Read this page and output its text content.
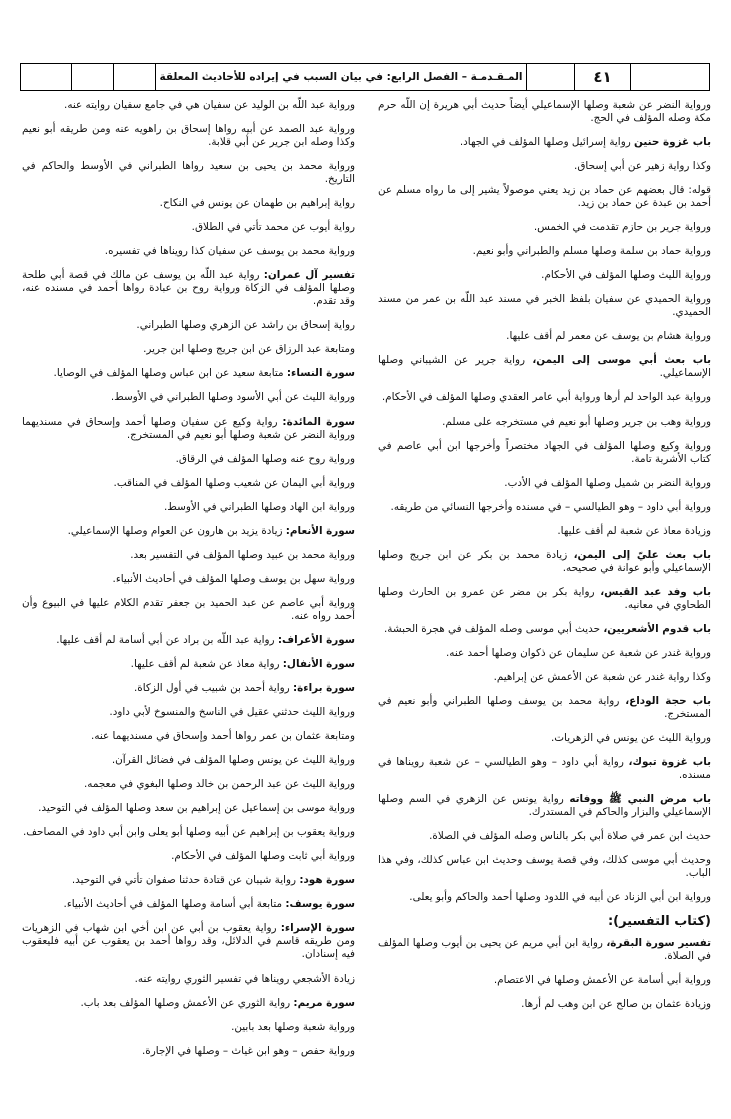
المـقـدمـة – الفصل الرابع: في بيان السبب في إيراده للأحاديث المعلقة	٤١

ورواية النضر عن شعبة وصلها الإسماعيلي أيضاً حديث أبي هريرة إن اللّه حرم مكة وصله المؤلف في الحج.

باب غزوة حنين رواية إسرائيل وصلها المؤلف في الجهاد.

وكذا رواية زهير عن أبي إسحاق.

قوله: قال بعضهم عن حماد بن زيد يعني موصولاً يشير إلى ما رواه مسلم عن أحمد بن عبدة عن حماد بن زيد.

ورواية جرير بن حازم تقدمت في الخمس.

ورواية حماد بن سلمة وصلها مسلم والطبراني وأبو نعيم.

ورواية الليث وصلها المؤلف في الأحكام.

ورواية الحميدي عن سفيان بلفظ الخبر في مسند عبد اللّه بن عمر من مسند الحميدي.

ورواية هشام بن يوسف عن معمر لم أقف عليها.

باب بعث أبي موسى إلى اليمن، رواية جرير عن الشيباني وصلها الإسماعيلي.

ورواية عبد الواحد لم أرها ورواية أبي عامر العقدي وصلها المؤلف في الأحكام.

ورواية وهب بن جرير وصلها أبو نعيم في مستخرجه على مسلم.

ورواية وكيع وصلها المؤلف في الجهاد مختصراً وأخرجها ابن أبي عاصم في كتاب الأشربة تامة.

ورواية النضر بن شميل وصلها المؤلف في الأدب.

ورواية أبي داود – وهو الطيالسي – في مسنده وأخرجها النسائي من طريقه.

وزيادة معاذ عن شعبة لم أقف عليها.

باب بعث عليّ إلى اليمن، زيادة محمد بن بكر عن ابن جريج وصلها الإسماعيلي وأبو عوانة في صحيحه.

باب وفد عبد القيس، رواية بكر بن مضر عن عمرو بن الحارث وصلها الطحاوي في معانيه.

باب قدوم الأشعريين، حديث أبي موسى وصله المؤلف في هجرة الحبشة.

ورواية غندر عن شعبة عن سليمان عن ذكوان وصلها أحمد عنه.

وكذا رواية غندر عن شعبة عن الأعمش عن إبراهيم.

باب حجة الوداع، رواية محمد بن يوسف وصلها الطبراني وأبو نعيم في المستخرج.

ورواية الليث عن يونس في الزهريات.

باب غزوة تبوك، رواية أبي داود – وهو الطيالسي – عن شعبة رويناها في مسنده.

باب مرض النبي ﷺ ووفاته رواية يونس عن الزهري في السم وصلها الإسماعيلي والبزار والحاكم في المستدرك.

حديث ابن عمر في صلاة أبي بكر بالناس وصله المؤلف في الصلاة.

وحديث أبي موسى كذلك، وفي قصة يوسف وحديث ابن عباس كذلك، وفي هذا الباب.

ورواية ابن أبي الزناد عن أبيه في اللدود وصلها أحمد والحاكم وأبو يعلى.

(كتاب التفسير):

تفسير سورة البقرة، رواية ابن أبي مريم عن يحيى بن أيوب وصلها المؤلف في الصلاة.

ورواية أبي أسامة عن الأعمش وصلها في الاعتصام.

وزيادة عثمان بن صالح عن ابن وهب لم أرها.

ورواية عبد اللّه بن الوليد عن سفيان هي في جامع سفيان روايته عنه.

ورواية عبد الصمد عن أبيه رواها إسحاق بن راهويه عنه ومن طريقه أبو نعيم وكذا وصله ابن جرير عن أبي قلابة.

ورواية محمد بن يحيى بن سعيد رواها الطبراني في الأوسط والحاكم في التاريخ.

رواية إبراهيم بن طهمان عن يونس في النكاح.

رواية أيوب عن محمد تأتي في الطلاق.

ورواية محمد بن يوسف عن سفيان كذا رويناها في تفسيره.

تفسير آل عمران: رواية عبد اللّه بن يوسف عن مالك في قصة أبي طلحة وصلها المؤلف في الزكاة ورواية روح بن عبادة رواها أحمد في مسنده عنه، وقد تقدم.

رواية إسحاق بن راشد عن الزهري وصلها الطبراني.

ومتابعة عبد الرزاق عن ابن جريج وصلها ابن جرير.

سورة النساء: متابعة سعيد عن ابن عباس وصلها المؤلف في الوصايا.

ورواية الليث عن أبي الأسود وصلها الطبراني في الأوسط.

سورة المائدة: رواية وكيع عن سفيان وصلها أحمد وإسحاق في مسنديهما ورواية النضر عن شعبة وصلها أبو نعيم في المستخرج.

ورواية روح عنه وصلها المؤلف في الرقاق.

ورواية أبي اليمان عن شعيب وصلها المؤلف في المناقب.

ورواية ابن الهاد وصلها الطبراني في الأوسط.

سورة الأنعام: زيادة يزيد بن هارون عن العوام وصلها الإسماعيلي.

ورواية محمد بن عبيد وصلها المؤلف في التفسير بعد.

ورواية سهل بن يوسف وصلها المؤلف في أحاديث الأنبياء.

ورواية أبي عاصم عن عبد الحميد بن جعفر تقدم الكلام عليها في البيوع وأن أحمد رواه عنه.

سورة الأعراف: رواية عبد اللّه بن براد عن أبي أسامة لم أقف عليها.

سورة الأنفال: رواية معاذ عن شعبة لم أقف عليها.

سورة براءة: رواية أحمد بن شبيب في أول الزكاة.

ورواية الليث حدثني عقيل في الناسخ والمنسوخ لأبي داود.

ومتابعة عثمان بن عمر رواها أحمد وإسحاق في مسنديهما عنه.

ورواية الليث عن يونس وصلها المؤلف في فضائل القرآن.

ورواية الليث عن عبد الرحمن بن خالد وصلها البغوي في معجمه.

ورواية موسى بن إسماعيل عن إبراهيم بن سعد وصلها المؤلف في التوحيد.

ورواية يعقوب بن إبراهيم عن أبيه وصلها أبو يعلى وابن أبي داود في المصاحف.

ورواية أبي ثابت وصلها المؤلف في الأحكام.

سورة هود: رواية شيبان عن قتادة حدثنا صفوان تأتي في التوحيد.

سورة يوسف: متابعة أبي أسامة وصلها المؤلف في أحاديث الأنبياء.

سورة الإسراء: رواية يعقوب بن أبي عن ابن أخي ابن شهاب في الزهريات ومن طريقه قاسم في الدلائل، وقد رواها أحمد بن يعقوب عن أبيه فليعقوب فيه إسنادان.

زيادة الأشجعي رويناها في تفسير الثوري روايته عنه.

سورة مريم: رواية الثوري عن الأعمش وصلها المؤلف بعد باب.

ورواية شعبة وصلها بعد بابين.

ورواية حفص – وهو ابن غياث – وصلها في الإجارة.
